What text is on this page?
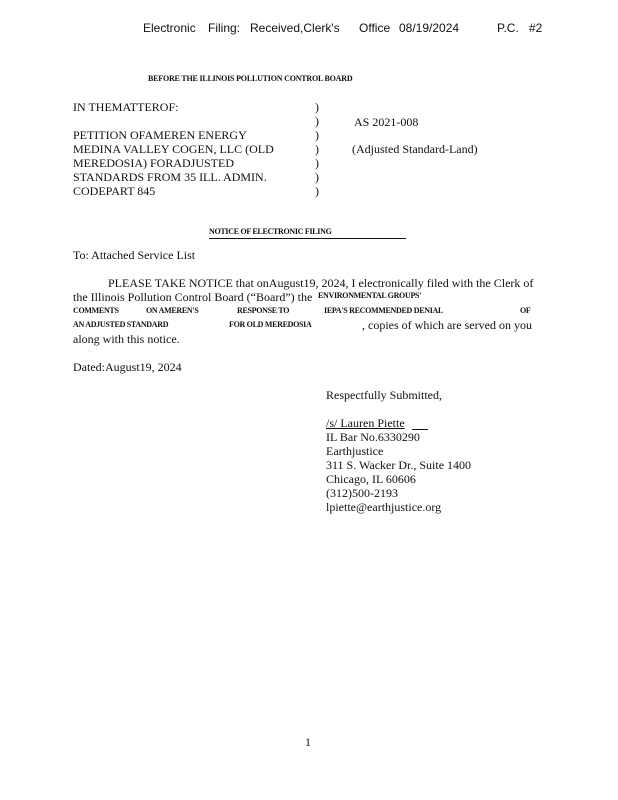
Electronic Filing: Received,Clerk's Office 08/19/2024	P.C. #2
BEFORE THE ILLINOIS POLLUTION CONTROL BOARD
IN THEMATTEROF:
PETITION OFAMEREN ENERGY
MEDINA VALLEY COGEN, LLC (OLD
MEREDOSIA) FORADJUSTED
STANDARDS FROM 35 ILL. ADMIN.
CODEPART 845
)
)
)
)
)
)
)
AS 2021-008
(Adjusted Standard-Land)
NOTICE OF ELECTRONIC FILING
To: Attached Service List
PLEASE TAKE NOTICE that onAugust19, 2024, I electronically filed with the Clerk of
the Illinois Pollution Control Board (“Board”) the ENVIRONMENTAL GROUPS'
COMMENTS	ON AMEREN'S	RESPONSE TO	IEPA'S RECOMMENDED DENIAL	OF
AN ADJUSTED STANDARD	FOR OLD MEREDOSIA	, copies of which are served on you
along with this notice.
Dated:August19, 2024
Respectfully Submitted,
/s/ Lauren Piette
IL Bar No.6330290
Earthjustice
311 S. Wacker Dr., Suite 1400
Chicago, IL 60606
(312)500-2193
lpiette@earthjustice.org
1
